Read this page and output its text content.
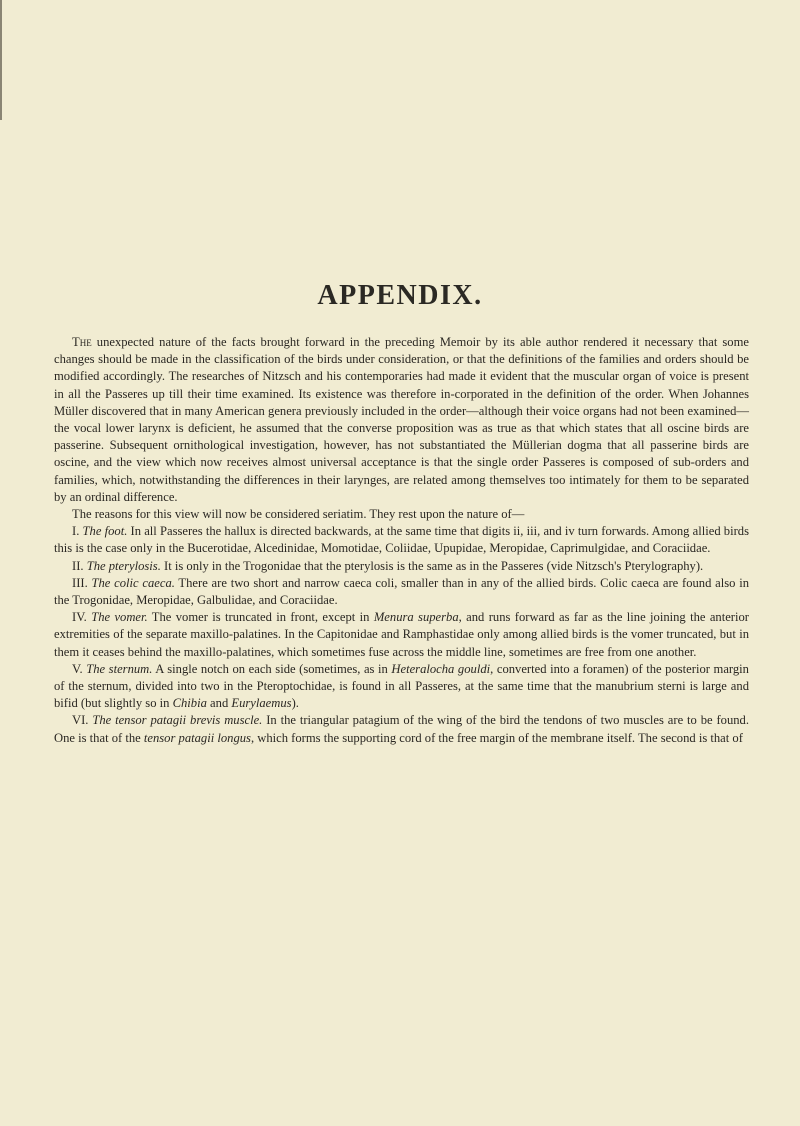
APPENDIX.

The unexpected nature of the facts brought forward in the preceding Memoir by its able author rendered it necessary that some changes should be made in the classification of the birds under consideration, or that the definitions of the families and orders should be modified accordingly. The researches of Nitzsch and his contemporaries had made it evident that the muscular organ of voice is present in all the Passeres up till their time examined. Its existence was therefore in-corporated in the definition of the order. When Johannes Müller discovered that in many American genera previously included in the order—although their voice organs had not been examined—the vocal lower larynx is deficient, he assumed that the converse proposition was as true as that which states that all oscine birds are passerine. Subsequent ornithological investigation, however, has not substantiated the Müllerian dogma that all passerine birds are oscine, and the view which now receives almost universal acceptance is that the single order Passeres is composed of sub-orders and families, which, notwithstanding the differences in their larynges, are related among themselves too intimately for them to be separated by an ordinal difference.

The reasons for this view will now be considered seriatim. They rest upon the nature of—

I. The foot. In all Passeres the hallux is directed backwards, at the same time that digits ii, iii, and iv turn forwards. Among allied birds this is the case only in the Bucerotidae, Alcedinidae, Momotidae, Coliidae, Upupidae, Meropidae, Caprimulgidae, and Coraciidae.

II. The pterylosis. It is only in the Trogonidae that the pterylosis is the same as in the Passeres (vide Nitzsch's Pterylography).

III. The colic caeca. There are two short and narrow caeca coli, smaller than in any of the allied birds. Colic caeca are found also in the Trogonidae, Meropidae, Galbulidae, and Coraciidae.

IV. The vomer. The vomer is truncated in front, except in Menura superba, and runs forward as far as the line joining the anterior extremities of the separate maxillo-palatines. In the Capitonidae and Ramphastidae only among allied birds is the vomer truncated, but in them it ceases behind the maxillo-palatines, which sometimes fuse across the middle line, sometimes are free from one another.

V. The sternum. A single notch on each side (sometimes, as in Heteralocha gouldi, converted into a foramen) of the posterior margin of the sternum, divided into two in the Pteroptochidae, is found in all Passeres, at the same time that the manubrium sterni is large and bifid (but slightly so in Chibia and Eurylaemus).

VI. The tensor patagii brevis muscle. In the triangular patagium of the wing of the bird the tendons of two muscles are to be found. One is that of the tensor patagii longus, which forms the supporting cord of the free margin of the membrane itself. The second is that of
